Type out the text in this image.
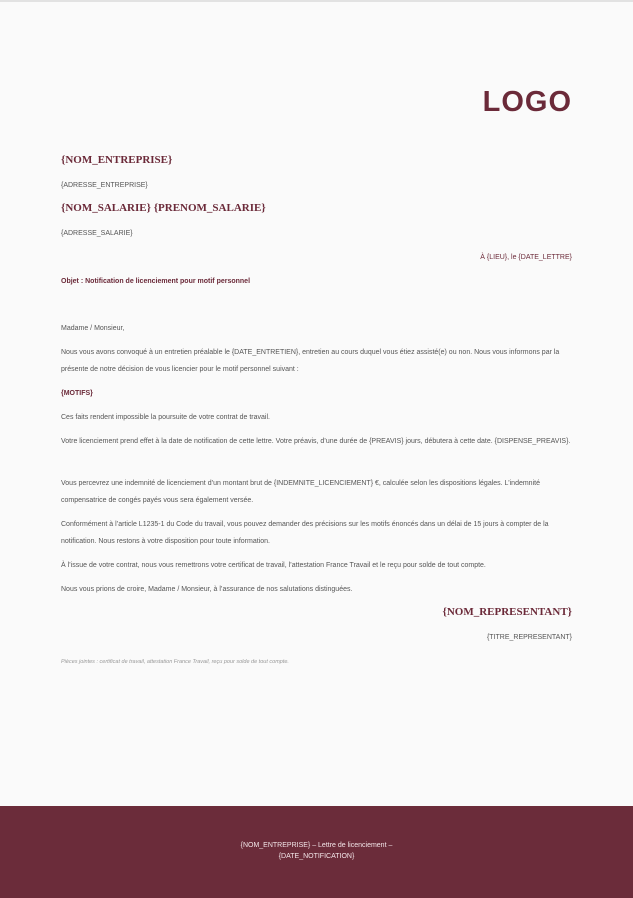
LOGO
{NOM_ENTREPRISE}
{ADRESSE_ENTREPRISE}
{NOM_SALARIE} {PRENOM_SALARIE}
{ADRESSE_SALARIE}
À {LIEU}, le {DATE_LETTRE}
Objet : Notification de licenciement pour motif personnel
Madame / Monsieur,
Nous vous avons convoqué à un entretien préalable le {DATE_ENTRETIEN}, entretien au cours duquel vous étiez assisté(e) ou non. Nous vous informons par la présente de notre décision de vous licencier pour le motif personnel suivant :
{MOTIFS}
Ces faits rendent impossible la poursuite de votre contrat de travail.
Votre licenciement prend effet à la date de notification de cette lettre. Votre préavis, d’une durée de {PREAVIS} jours, débutera à cette date. {DISPENSE_PREAVIS}.
Vous percevrez une indemnité de licenciement d’un montant brut de {INDEMNITE_LICENCIEMENT} €, calculée selon les dispositions légales. L’indemnité compensatrice de congés payés vous sera également versée.
Conformément à l’article L1235-1 du Code du travail, vous pouvez demander des précisions sur les motifs énoncés dans un délai de 15 jours à compter de la notification. Nous restons à votre disposition pour toute information.
À l’issue de votre contrat, nous vous remettrons votre certificat de travail, l’attestation France Travail et le reçu pour solde de tout compte.
Nous vous prions de croire, Madame / Monsieur, à l’assurance de nos salutations distinguées.
{NOM_REPRESENTANT}
{TITRE_REPRESENTANT}
Pièces jointes : certificat de travail, attestation France Travail, reçu pour solde de tout compte.
{NOM_ENTREPRISE} – Lettre de licenciement –
{DATE_NOTIFICATION}
